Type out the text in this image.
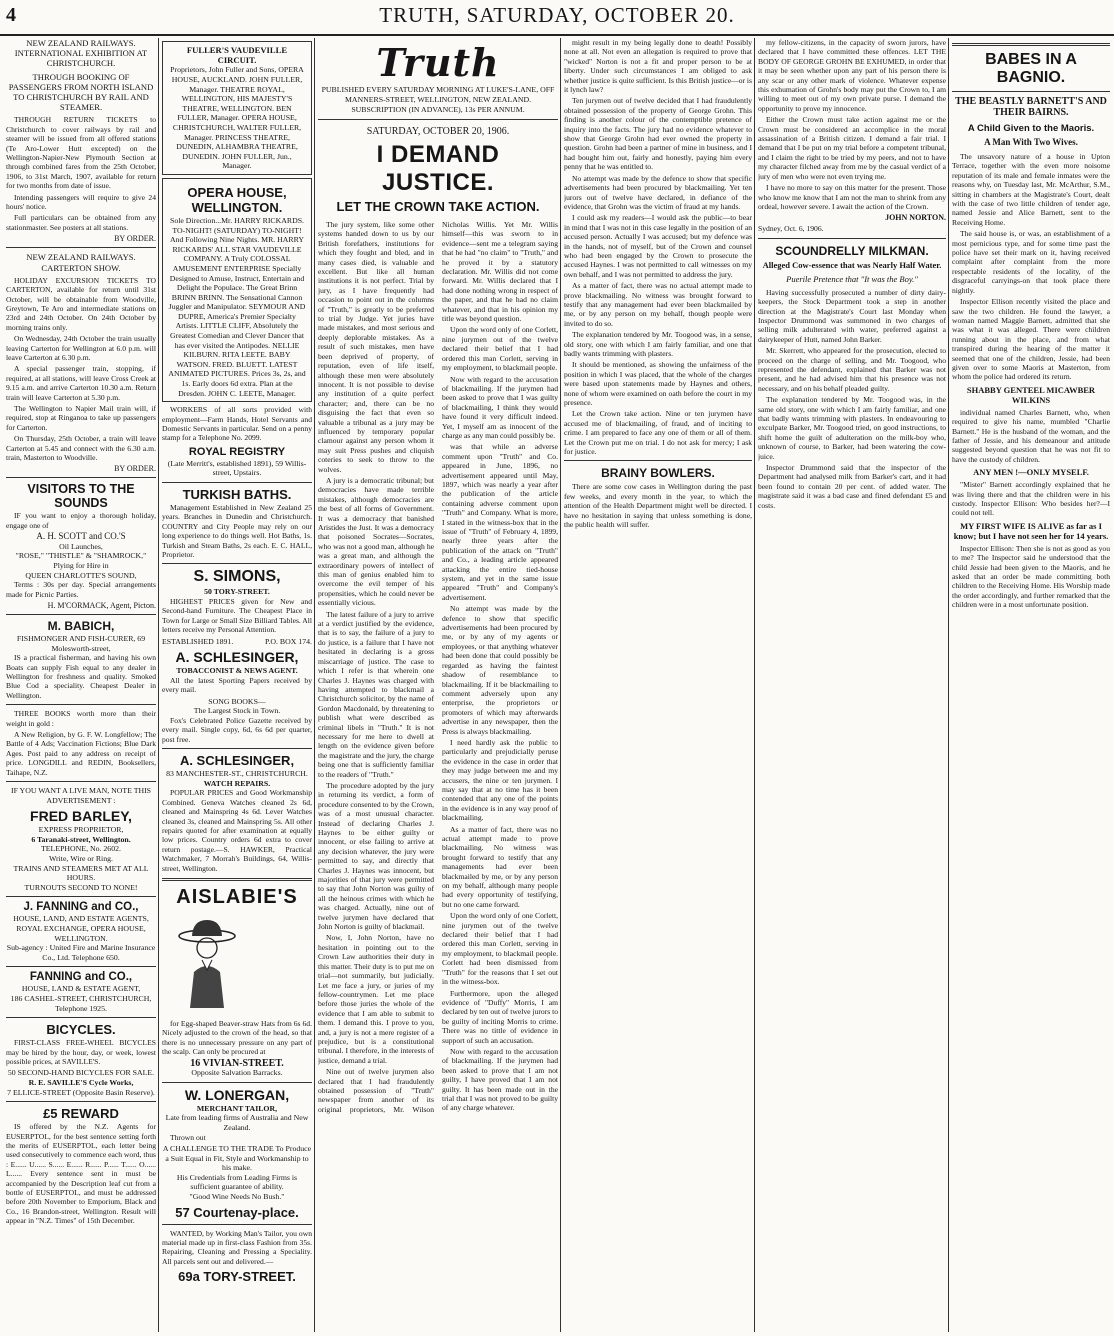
4	TRUTH, SATURDAY, OCTOBER 20.

NEW ZEALAND RAILWAYS.

INTERNATIONAL EXHIBITION AT CHRISTCHURCH.

THROUGH BOOKING OF PASSENGERS FROM NORTH ISLAND TO CHRISTCHURCH BY RAIL AND STEAMER.

THROUGH RETURN TICKETS to Christchurch to cover railways by rail and steamer will be issued from all offered stations (Te Aro-Lower Hutt excepted) on the Wellington-Napier-New Plymouth Section at through combined fares from the 25th October, 1906, to 31st March, 1907, available for return for two months from date of issue.

Intending passengers will require to give 24 hours' notice.

Full particulars can be obtained from any stationmaster. See posters at all stations.

BY ORDER.

NEW ZEALAND RAILWAYS.

CARTERTON SHOW.

HOLIDAY EXCURSION TICKETS TO CARTERTON, available for return until 31st October, will be obtainable from Woodville, Greytown, Te Aro and intermediate stations on 23rd and 24th October. On 24th October by morning trains only.

On Wednesday, 24th October the train usually leaving Carterton for Wellington at 6.0 p.m. will leave Carterton at 6.30 p.m.

A special passenger train, stopping, if required, at all stations, will leave Cross Creek at 9.15 a.m. and arrive Carterton 10.30 a.m. Return train will leave Carterton at 5.30 p.m.

The Wellington to Napier Mail train will, if required, stop at Ringanoa to take up passengers for Carterton.

On Thursday, 25th October, a train will leave Carterton at 5.45 and connect with the 6.30 a.m. train, Masterton to Woodville.

BY ORDER.

VISITORS TO THE SOUNDS

IF you want to enjoy a thorough holiday, engage one of

A. H. SCOTT and CO.'S

Oil Launches,

"ROSE," "THISTLE" & "SHAMROCK,"

Plying for Hire in

QUEEN CHARLOTTE'S SOUND,

Terms : 30s per day. Special arrangements made for Picnic Parties.

H. M'CORMACK, Agent, Picton.

M. BABICH,

FISHMONGER AND FISH-CURER, 69 Molesworth-street,

IS a practical fisherman, and having his own Boats can supply Fish equal to any dealer in Wellington for freshness and quality. Smoked Blue Cod a speciality. Cheapest Dealer in Wellington.

THREE BOOKS worth more than their weight in gold :

A New Religion, by G. F. W. Longfellow; The Battle of 4 Ads; Vaccination Fictions; Blue Dark Ages. Post paid to any address on receipt of price. LONGDILL and REDIN, Booksellers, Taihape, N.Z.

IF YOU WANT A LIVE MAN, NOTE THIS ADVERTISEMENT :

FRED BARLEY,

EXPRESS PROPRIETOR,

6 Taranaki-street, Wellington.

TELEPHONE, No. 2602.

Write, Wire or Ring.

TRAINS AND STEAMERS MET AT ALL HOURS.

TURNOUTS SECOND TO NONE!

J. FANNING and CO.,

HOUSE, LAND, AND ESTATE AGENTS,

ROYAL EXCHANGE, OPERA HOUSE, WELLINGTON.

Sub-agency : United Fire and Marine Insurance Co., Ltd. Telephone 650.

FANNING and CO.,

HOUSE, LAND & ESTATE AGENT,

186 CASHEL-STREET, CHRISTCHURCH,

Telephone 1925.

BICYCLES.

FIRST-CLASS FREE-WHEEL BICYCLES may be hired by the hour, day, or week, lowest possible prices, at SAVILLE'S.

50 SECOND-HAND BICYCLES FOR SALE.

R. E. SAVILLE'S Cycle Works,

7 ELLICE-STREET (Opposite Basin Reserve).

£5 REWARD

IS offered by the N.Z. Agents for EUSERPTOL, for the best sentence setting forth the merits of EUSERPTOL, each letter being used consecutively to commence each word, thus : E...... U...... S...... E...... R...... P...... T...... O...... L...... Every sentence sent in must be accompanied by the Description leaf cut from a bottle of EUSERPTOL, and must be addressed before 20th November to Emporium, Black and Co., 16 Brandon-street, Wellington. Result will appear in "N.Z. Times" of 15th December.

FULLER'S VAUDEVILLE CIRCUIT.

Proprietors, John Fuller and Sons, OPERA HOUSE, AUCKLAND. JOHN FULLER, Manager. THEATRE ROYAL, WELLINGTON, HIS MAJESTY'S THEATRE, WELLINGTON. BEN FULLER, Manager. OPERA HOUSE, CHRISTCHURCH, WALTER FULLER, Manager. PRINCESS THEATRE, DUNEDIN, ALHAMBRA THEATRE, DUNEDIN. JOHN FULLER, Jun., Manager.

OPERA HOUSE, WELLINGTON.

Sole Direction...Mr. HARRY RICKARDS. TO-NIGHT! (SATURDAY) TO-NIGHT! And Following Nine Nights. MR. HARRY RICKARDS' ALL STAR VAUDEVILLE COMPANY. A Truly COLOSSAL AMUSEMENT ENTERPRISE Specially Designed to Amuse, Instruct, Entertain and Delight the Populace. The Great Brinn BRINN BRINN. The Sensational Cannon Juggler and Manipulator. SEYMOUR AND DUPRE, America's Premier Specialty Artists. LITTLE CLIFF, Absolutely the Greatest Comedian and Clever Dancer that has ever visited the Antipodes. NELLIE KILBURN. RITA LEETE. BABY WATSON. FRED. BLUETT. LATEST ANIMATED PICTURES. Prices 3s, 2s, and 1s. Early doors 6d extra. Plan at the Dresden. JOHN C. LEETE, Manager.

WORKERS of all sorts provided with employment—Farm Hands, Hotel Servants and Domestic Servants in particular. Send on a penny stamp for a Telephone No. 2099.

ROYAL REGISTRY

(Late Merritt's, established 1891), 59 Willis-street, Upstairs.

TURKISH BATHS.

Management Established in New Zealand 25 years. Branches in Dunedin and Christchurch. COUNTRY and City People may rely on our long experience to do things well. Hot Baths, 1s. Turkish and Steam Baths, 2s each. E. C. HALL, Proprietor.

S. SIMONS,

50 TORY-STREET.

HIGHEST PRICES given for New and Second-hand Furniture. The Cheapest Place in Town for Large or Small Size Billiard Tables. All letters receive my Personal Attention.

ESTABLISHED 1891.	P.O. BOX 174.
A. SCHLESINGER,

TOBACCONIST & NEWS AGENT.

All the latest Sporting Papers received by every mail.

SONG BOOKS—

The Largest Stock in Town.

Fox's Celebrated Police Gazette received by every mail. Single copy, 6d, 6s 6d per quarter, post free.

A. SCHLESINGER,

83 MANCHESTER-ST., CHRISTCHURCH.

WATCH REPAIRS.

POPULAR PRICES and Good Workmanship Combined. Geneva Watches cleaned 2s 6d, cleaned and Mainspring 4s 6d. Lever Watches cleaned 3s, cleaned and Mainspring 5s. All other repairs quoted for after examination at equally low prices. Country orders 6d extra to cover return postage.—S. HAWKER, Practical Watchmaker, 7 Morrah's Buildings, 64, Willis-street, Wellington.

AISLABIE'S

for Egg-shaped Beaver-straw Hats from 6s 6d. Nicely adjusted to the crown of the head, so that there is no unnecessary pressure on any part of the scalp. Can only be procured at

16 VIVIAN-STREET.

Opposite Salvation Barracks.

W. LONERGAN,

MERCHANT TAILOR,

Late from leading firms of Australia and New Zealand.

Thrown out

A CHALLENGE TO THE TRADE To Produce a Suit Equal in Fit, Style and Workmanship to his make.

His Credentials from Leading Firms is sufficient guarantee of ability.

"Good Wine Needs No Bush."

57 Courtenay-place.

WANTED, by Working Man's Tailor, you own material made up in first-class Fashion from 35s. Repairing, Cleaning and Pressing a Speciality. All parcels sent out and delivered.—

69a TORY-STREET.
Truth

PUBLISHED EVERY SATURDAY MORNING AT LUKE'S-LANE, OFF MANNERS-STREET, WELLINGTON, NEW ZEALAND.

SUBSCRIPTION (IN ADVANCE), 13s PER ANNUM.

SATURDAY, OCTOBER 20, 1906.

I DEMAND JUSTICE.
LET THE CROWN TAKE ACTION.

The jury system, like some other systems handed down to us by our British forefathers, institutions for which they fought and bled, and in many cases died, is valuable and excellent. But like all human institutions it is not perfect. Trial by jury, as I have frequently had occasion to point out in the columns of "Truth," is greatly to be preferred to trial by Judge. Yet juries have made mistakes, and most serious and deeply deplorable mistakes. As a result of such mistakes, men have been deprived of property, of reputation, even of life itself, although these men were absolutely innocent. It is not possible to devise any institution of a quite perfect character; and, there can be no disguising the fact that even so valuable a tribunal as a jury may be influenced by temporary popular clamour against any person whom it may suit Press pushes and cliquish coteries to seek to throw to the wolves.

A jury is a democratic tribunal; but democracies have made terrible mistakes, although democracies are the best of all forms of Government. It was a democracy that banished Aristides the Just. It was a democracy that poisoned Socrates—Socrates, who was not a good man, although he was a great man, and although the extraordinary powers of intellect of this man of genius enabled him to overcome the evil temper of his propensities, which he could never be essentially vicious.

The latest failure of a jury to arrive at a verdict justified by the evidence, that is to say, the failure of a jury to do justice, is a failure that I have not hesitated in declaring is a gross miscarriage of justice. The case to which I refer is that wherein one Charles J. Haynes was charged with having attempted to blackmail a Christchurch solicitor, by the name of Gordon Macdonald, by threatening to publish what were described as criminal libels in "Truth." It is not necessary for me here to dwell at length on the evidence given before the magistrate and the jury, the charge being one that is sufficiently familiar to the readers of "Truth."

The procedure adopted by the jury in returning its verdict, a form of procedure consented to by the Crown, was of a most unusual character. Instead of declaring Charles J. Haynes to be either guilty or innocent, or else failing to arrive at any decision whatever, the jury were permitted to say, and directly that Charles J. Haynes was innocent, but majorities of that jury were permitted to say that John Norton was guilty of all the heinous crimes with which he was charged. Actually, nine out of twelve jurymen have declared that John Norton is guilty of blackmail.

Now, I, John Norton, have no hesitation in pointing out to the Crown Law authorities their duty in this matter. Their duty is to put me on trial—not summarily, but judicially. Let me face a jury, or juries of my fellow-countrymen. Let me place before those juries the whole of the evidence that I am able to submit to them. I demand this. I prove to you, and, a jury is not a mere register of a prejudice, but is a constitutional tribunal. I therefore, in the interests of justice, demand a trial.

Nine out of twelve jurymen also declared that I had fraudulently obtained possession of "Truth" newspaper from another of its original proprietors, Mr. Wilson Nicholas Willis. Yet Mr. Willis himself—this was sworn to in evidence—sent me a telegram saying that he had "no claim" to "Truth," and he proved it by a statutory declaration. Mr. Willis did not come forward. Mr. Willis declared that I had done nothing wrong in respect of the paper, and that he had no claim whatever, and that in his opinion my title was beyond question.

Upon the word only of one Corlett, nine jurymen out of the twelve declared their belief that I had ordered this man Corlett, serving in my employment, to blackmail people.

Now with regard to the accusation of blackmailing. If the jurymen had been asked to prove that I was guilty of blackmailing, I think they would have found it very difficult indeed. Yet, I myself am as innocent of the charge as any man could possibly be.

was that while an adverse comment upon "Truth" and Co. appeared in June, 1896, no advertisement appeared until May, 1897, which was nearly a year after the publication of the article containing adverse comment upon "Truth" and Company. What is more, I stated in the witness-box that in the issue of "Truth" of February 4, 1899, nearly three years after the publication of the attack on "Truth" and Co., a leading article appeared attacking the entire tied-house system, and yet in the same issue appeared "Truth" and Company's advertisement.

No attempt was made by the defence to show that specific advertisements had been procured by me, or by any of my agents or employees, or that anything whatever had been done that could possibly be regarded as having the faintest shadow of resemblance to blackmailing. If it be blackmailing to comment adversely upon any enterprise, the proprietors or promoters of which may afterwards advertise in any newspaper, then the Press is always blackmailing.

I need hardly ask the public to particularly and prejudicially peruse the evidence in the case in order that they may judge between me and my accusers, the nine or ten jurymen. I may say that at no time has it been contended that any one of the points in the evidence is in any way proof of blackmailing.

As a matter of fact, there was no actual attempt made to prove blackmailing. No witness was brought forward to testify that any managements had ever been blackmailed by me, or by any person on my behalf, although many people had every opportunity of testifying, but no one came forward.

Upon the word only of one Corlett, nine jurymen out of the twelve declared their belief that I had ordered this man Corlett, serving in my employment, to blackmail people. Corlett had been dismissed from "Truth" for the reasons that I set out in the witness-box.

Furthermore, upon the alleged evidence of "Duffy" Morris, I am declared by ten out of twelve jurors to be guilty of inciting Morris to crime. There was no tittle of evidence in support of such an accusation.

Now with regard to the accusation of blackmailing. If the jurymen had been asked to prove that I am not guilty, I have proved that I am not guilty. It has been made out in the trial that I was not proved to be guilty of any charge whatever.

might result in my being legally done to death! Possibly none at all. Not even an allegation is required to prove that "wicked" Norton is not a fit and proper person to be at liberty. Under such circumstances I am obliged to ask whether justice is quite sufficient. Is this British justice—or is it lynch law?

Ten jurymen out of twelve decided that I had fraudulently obtained possession of the property of George Grohn. This finding is another colour of the contemptible pretence of inquiry into the facts. The jury had no evidence whatever to show that George Grohn had ever owned the property in question. Grohn had been a partner of mine in business, and I had bought him out, fairly and honestly, paying him every penny that he was entitled to.

No attempt was made by the defence to show that specific advertisements had been procured by blackmailing. Yet ten jurors out of twelve have declared, in defiance of the evidence, that Grohn was the victim of fraud at my hands.

I could ask my readers—I would ask the public—to bear in mind that I was not in this case legally in the position of an accused person. Actually I was accused; but my defence was in the hands, not of myself, but of the Crown and counsel who had been engaged by the Crown to prosecute the accused Haynes. I was not permitted to call witnesses on my own behalf, and I was not permitted to address the jury.

As a matter of fact, there was no actual attempt made to prove blackmailing. No witness was brought forward to testify that any management had ever been blackmailed by me, or by any person on my behalf, though people were invited to do so.

The explanation tendered by Mr. Toogood was, in a sense, old story, one with which I am fairly familiar, and one that badly wants trimming with plasters.

It should be mentioned, as showing the unfairness of the position in which I was placed, that the whole of the charges were based upon statements made by Haynes and others, none of whom were examined on oath before the court in my presence.

Let the Crown take action. Nine or ten jurymen have accused me of blackmailing, of fraud, and of inciting to crime. I am prepared to face any one of them or all of them. Let the Crown put me on trial. I do not ask for mercy; I ask for justice.

BRAINY BOWLERS.

There are some cow cases in Wellington during the past few weeks, and every month in the year, to which the attention of the Health Department might well be directed. I have no hesitation in saying that unless something is done, the public health will suffer.

my fellow-citizens, in the capacity of sworn jurors, have declared that I have committed these offences. LET THE BODY OF GEORGE GROHN BE EXHUMED, in order that it may be seen whether upon any part of his person there is any scar or any other mark of violence. Whatever expense this exhumation of Grohn's body may put the Crown to, I am willing to meet out of my own private purse. I demand the opportunity to prove my innocence.

Either the Crown must take action against me or the Crown must be considered an accomplice in the moral assassination of a British citizen. I demand a fair trial. I demand that I be put on my trial before a competent tribunal, and I claim the right to be tried by my peers, and not to have my character filched away from me by the casual verdict of a jury of men who were not even trying me.

I have no more to say on this matter for the present. Those who know me know that I am not the man to shrink from any ordeal, however severe. I await the action of the Crown.

JOHN NORTON.

Sydney, Oct. 6, 1906.

SCOUNDRELLY MILKMAN.
Alleged Cow-essence that was Nearly Half Water.
Puerile Pretence that "It was the Boy."

Having successfully prosecuted a number of dirty dairy-keepers, the Stock Department took a step in another direction at the Magistrate's Court last Monday when Inspector Drummond was summoned in two charges of selling milk adulterated with water, preferred against a dairykeeper of Hutt, named John Barker.

Mr. Skerrett, who appeared for the prosecution, elected to proceed on the charge of selling, and Mr. Toogood, who represented the defendant, explained that Barker was not present, and he had advised him that his presence was not necessary, and on his behalf pleaded guilty.

The explanation tendered by Mr. Toogood was, in the same old story, one with which I am fairly familiar, and one that badly wants trimming with plasters. In endeavouring to exculpate Barker, Mr. Toogood tried, on good instructions, to shift home the guilt of adulteration on the milk-boy who, unknown of course, to Barker, had been watering the cow-juice.

Inspector Drummond said that the inspector of the Department had analysed milk from Barker's cart, and it had been found to contain 20 per cent. of added water. The magistrate said it was a bad case and fined defendant £5 and costs.

BABES IN A BAGNIO.
THE BEASTLY BARNETT'S AND THEIR BAIRNS.
A Child Given to the Maoris.
A Man With Two Wives.

The unsavory nature of a house in Upton Terrace, together with the even more noisome reputation of its male and female inmates were the reasons why, on Tuesday last, Mr. McArthur, S.M., sitting in chambers at the Magistrate's Court, dealt with the case of two little children of tender age, named Jessie and Alice Barnett, sent to the Receiving Home.

The said house is, or was, an establishment of a most pernicious type, and for some time past the police have set their mark on it, having received complaint after complaint from the more respectable residents of the locality, of the disgraceful carryings-on that took place there nightly.

Inspector Ellison recently visited the place and saw the two children. He found the lawyer, a woman named Maggie Barnett, admitted that she was what it was alleged. There were children running about in the place, and from what transpired during the hearing of the matter it seemed that one of the children, Jessie, had been given over to some Maoris at Masterton, from whom the police had ordered its return.

SHABBY GENTEEL MICAWBER WILKINS

individual named Charles Barnett, who, when required to give his name, mumbled "Charlie Barnett." He is the husband of the woman, and the father of Jessie, and his demeanour and attitude suggested beyond question that he was not fit to have the custody of children.

ANY MEN !—ONLY MYSELF.

"Mister" Barnett accordingly explained that he was living there and that the children were in his custody. Inspector Ellison: Who besides her?—I could not tell.

MY FIRST WIFE IS ALIVE as far as I know; but I have not seen her for 14 years.

Inspector Ellison: Then she is not as good as you to me? The Inspector said he understood that the child Jessie had been given to the Maoris, and he asked that an order be made committing both children to the Receiving Home. His Worship made the order accordingly, and further remarked that the children were in a most unfortunate position.
